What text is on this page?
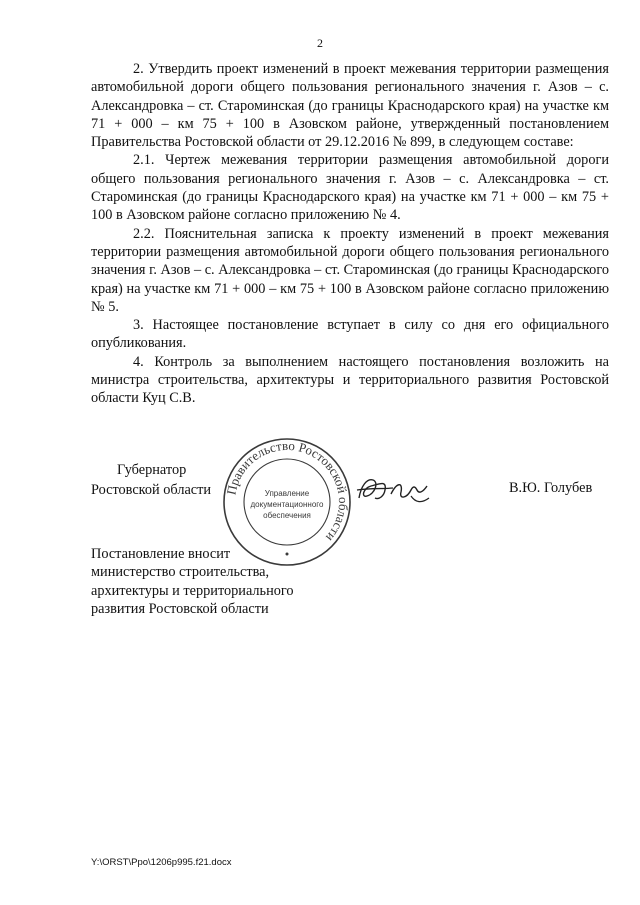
2

2. Утвердить проект изменений в проект межевания территории размещения автомобильной дороги общего пользования регионального значения г. Азов – с. Александровка – ст. Староминская (до границы Краснодарского края) на участке км 71 + 000 – км 75 + 100 в Азовском районе, утвержденный постановлением Правительства Ростовской области от 29.12.2016 № 899, в следующем составе:

2.1. Чертеж межевания территории размещения автомобильной дороги общего пользования регионального значения г. Азов – с. Александровка – ст. Староминская (до границы Краснодарского края) на участке км 71 + 000 – км 75 + 100 в Азовском районе согласно приложению № 4.

2.2. Пояснительная записка к проекту изменений в проект межевания территории размещения автомобильной дороги общего пользования регионального значения г. Азов – с. Александровка – ст. Староминская (до границы Краснодарского края) на участке км 71 + 000 – км 75 + 100 в Азовском районе согласно приложению № 5.

3. Настоящее постановление вступает в силу со дня его официального опубликования.

4. Контроль за выполнением настоящего постановления возложить на министра строительства, архитектуры и территориального развития Ростовской области Куц С.В.

Губернатор
Ростовской области Правительство Ростовской области
Управление
документационного
обеспечения
В.Ю. Голубев
Постановление вносит
министерство строительства,
архитектуры и территориального
развития Ростовской области
Y:\ORST\Ppo\1206p995.f21.docx
